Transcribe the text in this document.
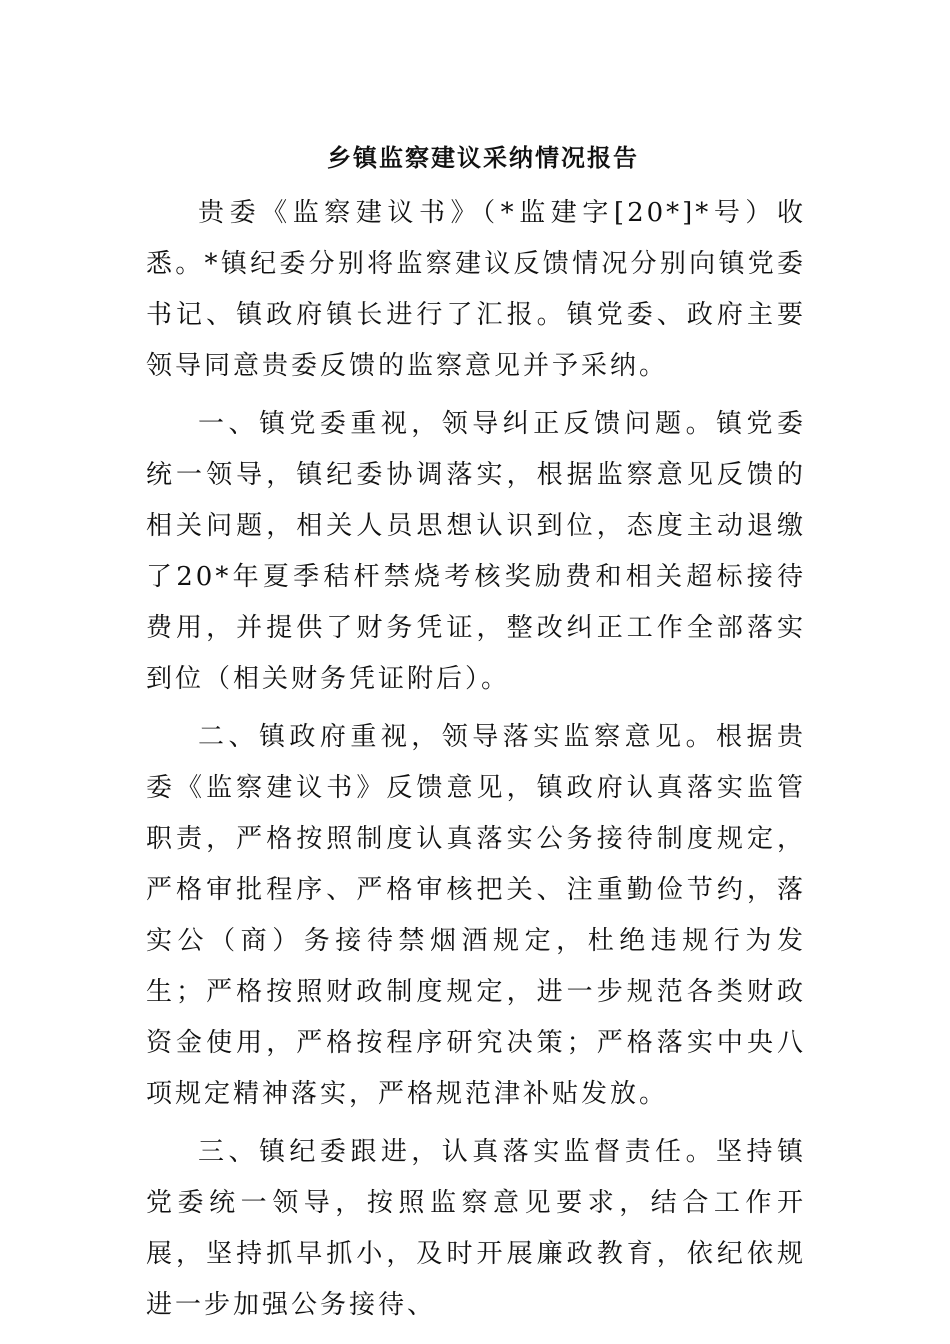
乡镇监察建议采纳情况报告

贵委《监察建议书》（*监建字[20*]*号）收悉。*镇纪委分别将监察建议反馈情况分别向镇党委书记、镇政府镇长进行了汇报。镇党委、政府主要领导同意贵委反馈的监察意见并予采纳。

一、镇党委重视，领导纠正反馈问题。镇党委统一领导，镇纪委协调落实，根据监察意见反馈的相关问题，相关人员思想认识到位，态度主动退缴了20*年夏季秸杆禁烧考核奖励费和相关超标接待费用，并提供了财务凭证，整改纠正工作全部落实到位（相关财务凭证附后）。

二、镇政府重视，领导落实监察意见。根据贵委《监察建议书》反馈意见，镇政府认真落实监管职责，严格按照制度认真落实公务接待制度规定，严格审批程序、严格审核把关、注重勤俭节约，落实公（商）务接待禁烟酒规定，杜绝违规行为发生；严格按照财政制度规定，进一步规范各类财政资金使用，严格按程序研究决策；严格落实中央八项规定精神落实，严格规范津补贴发放。

三、镇纪委跟进，认真落实监督责任。坚持镇党委统一领导，按照监察意见要求，结合工作开展，坚持抓早抓小，及时开展廉政教育，依纪依规进一步加强公务接待、
